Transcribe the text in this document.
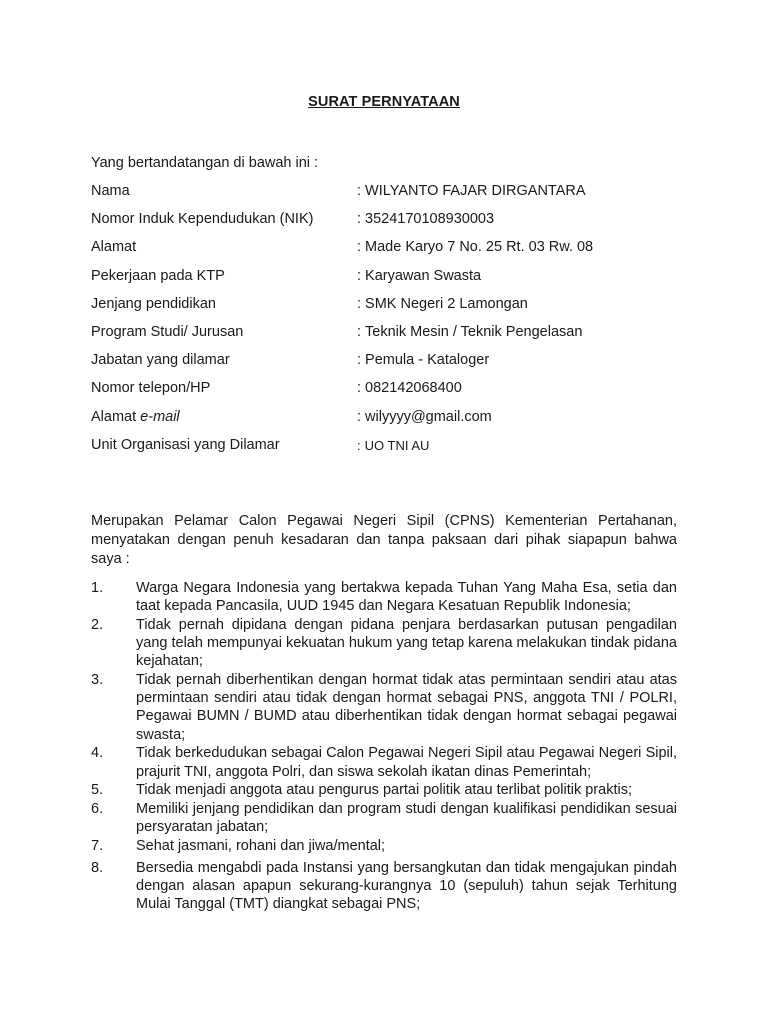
SURAT PERNYATAAN
Yang bertandatangan di bawah ini :
Nama	: WILYANTO FAJAR DIRGANTARA
Nomor Induk Kependudukan (NIK)	: 3524170108930003
Alamat	: Made Karyo 7 No. 25 Rt. 03 Rw. 08
Pekerjaan pada KTP	: Karyawan Swasta
Jenjang pendidikan	: SMK Negeri 2 Lamongan
Program Studi/ Jurusan	: Teknik Mesin / Teknik Pengelasan
Jabatan yang dilamar	: Pemula - Kataloger
Nomor telepon/HP	: 082142068400
Alamat e-mail	: wilyyyy@gmail.com
Unit Organisasi yang Dilamar	: UO TNI AU
Merupakan Pelamar Calon Pegawai Negeri Sipil (CPNS) Kementerian Pertahanan, menyatakan dengan penuh kesadaran dan tanpa paksaan dari pihak siapapun bahwa saya :
1. Warga Negara Indonesia yang bertakwa kepada Tuhan Yang Maha Esa, setia dan taat kepada Pancasila, UUD 1945 dan Negara Kesatuan Republik Indonesia;
2. Tidak pernah dipidana dengan pidana penjara berdasarkan putusan pengadilan yang telah mempunyai kekuatan hukum yang tetap karena melakukan tindak pidana kejahatan;
3. Tidak pernah diberhentikan dengan hormat tidak atas permintaan sendiri atau atas permintaan sendiri atau tidak dengan hormat sebagai PNS, anggota TNI / POLRI, Pegawai BUMN / BUMD atau diberhentikan tidak dengan hormat sebagai pegawai swasta;
4. Tidak berkedudukan sebagai Calon Pegawai Negeri Sipil atau Pegawai Negeri Sipil, prajurit TNI, anggota Polri, dan siswa sekolah ikatan dinas Pemerintah;
5. Tidak menjadi anggota atau pengurus partai politik atau terlibat politik praktis;
6. Memiliki jenjang pendidikan dan program studi dengan kualifikasi pendidikan sesuai persyaratan jabatan;
7. Sehat jasmani, rohani dan jiwa/mental;
8. Bersedia mengabdi pada Instansi yang bersangkutan dan tidak mengajukan pindah dengan alasan apapun sekurang-kurangnya 10 (sepuluh) tahun sejak Terhitung Mulai Tanggal (TMT) diangkat sebagai PNS;
